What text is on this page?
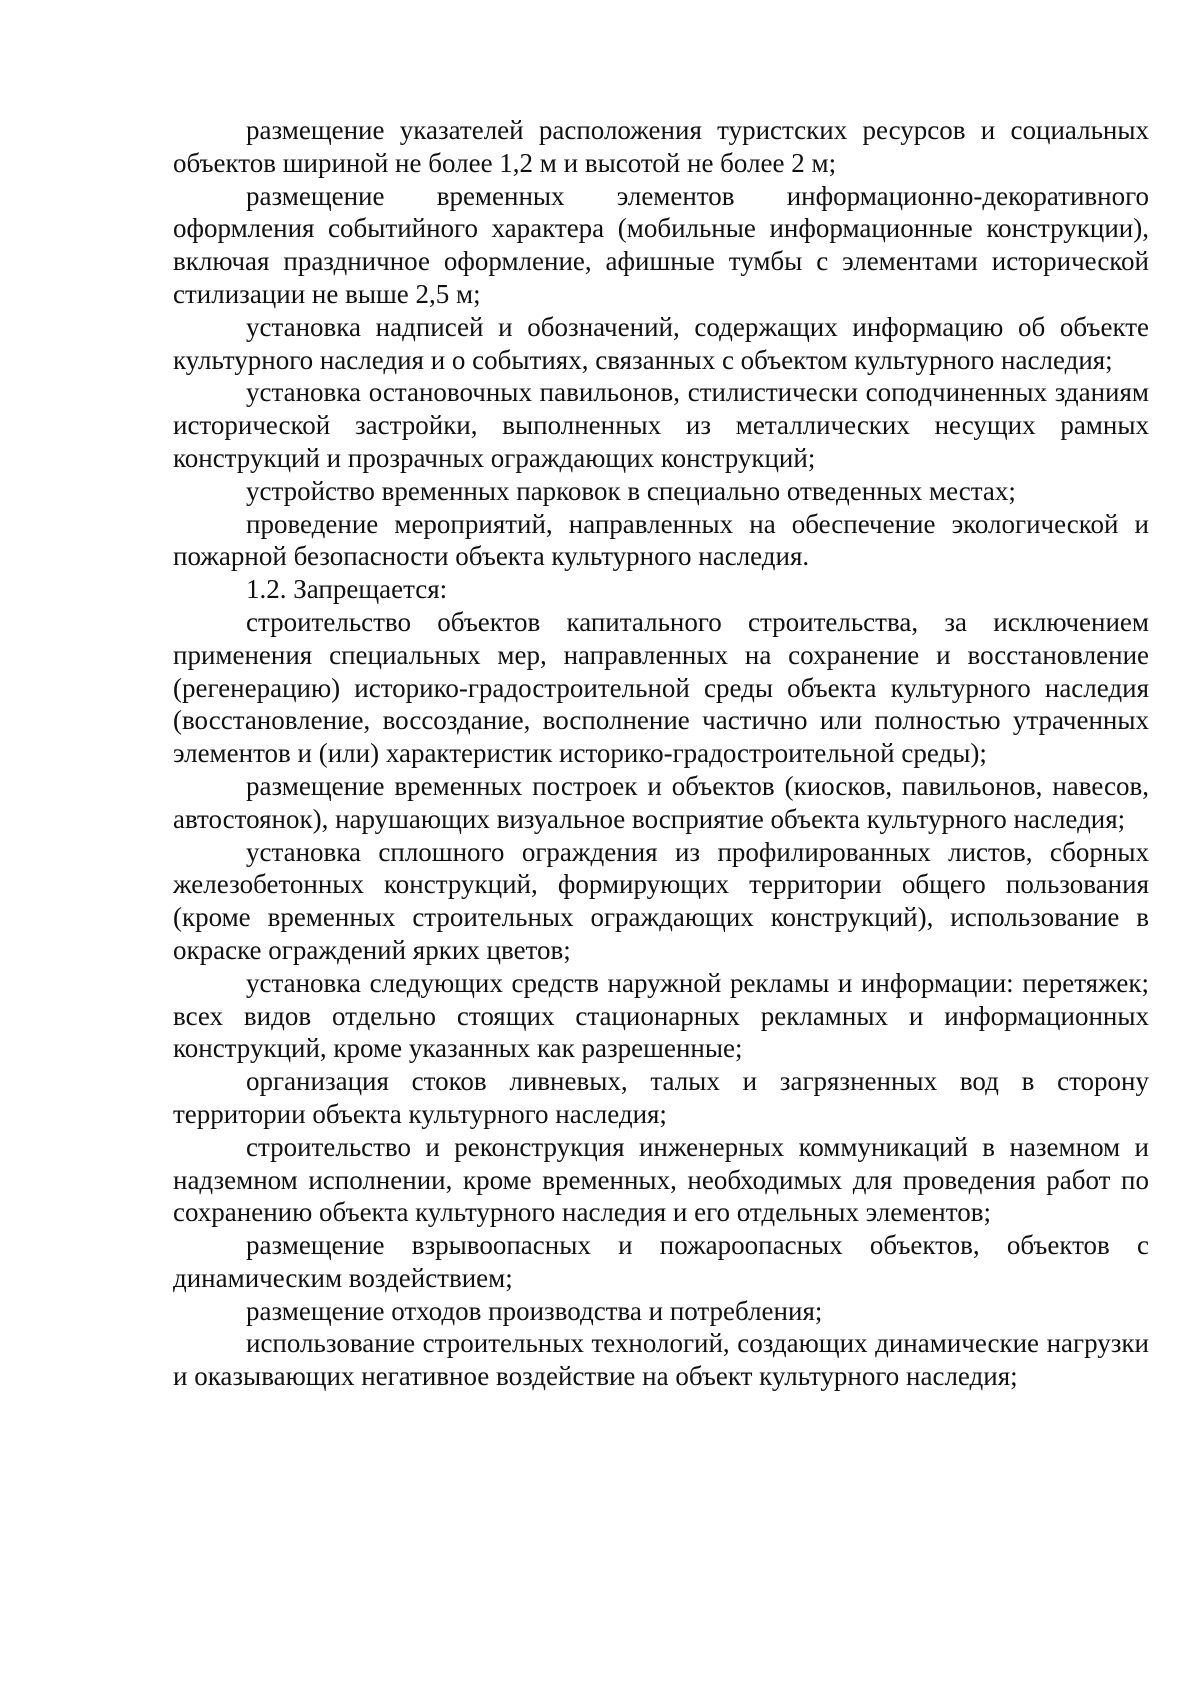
размещение указателей расположения туристских ресурсов и социальных объектов шириной не более 1,2 м и высотой не более 2 м;

размещение временных элементов информационно-декоративного оформления событийного характера (мобильные информационные конструкции), включая праздничное оформление, афишные тумбы с элементами исторической стилизации не выше 2,5 м;

установка надписей и обозначений, содержащих информацию об объекте культурного наследия и о событиях, связанных с объектом культурного наследия;

установка остановочных павильонов, стилистически соподчиненных зданиям исторической застройки, выполненных из металлических несущих рамных конструкций и прозрачных ограждающих конструкций;

устройство временных парковок в специально отведенных местах;

проведение мероприятий, направленных на обеспечение экологической и пожарной безопасности объекта культурного наследия.

1.2. Запрещается:

строительство объектов капитального строительства, за исключением применения специальных мер, направленных на сохранение и восстановление (регенерацию) историко-градостроительной среды объекта культурного наследия (восстановление, воссоздание, восполнение частично или полностью утраченных элементов и (или) характеристик историко-градостроительной среды);

размещение временных построек и объектов (киосков, павильонов, навесов, автостоянок), нарушающих визуальное восприятие объекта культурного наследия;

установка сплошного ограждения из профилированных листов, сборных железобетонных конструкций, формирующих территории общего пользования (кроме временных строительных ограждающих конструкций), использование в окраске ограждений ярких цветов;

установка следующих средств наружной рекламы и информации: перетяжек; всех видов отдельно стоящих стационарных рекламных и информационных конструкций, кроме указанных как разрешенные;

организация стоков ливневых, талых и загрязненных вод в сторону территории объекта культурного наследия;

строительство и реконструкция инженерных коммуникаций в наземном и надземном исполнении, кроме временных, необходимых для проведения работ по сохранению объекта культурного наследия и его отдельных элементов;

размещение взрывоопасных и пожароопасных объектов, объектов с динамическим воздействием;

размещение отходов производства и потребления;

использование строительных технологий, создающих динамические нагрузки и оказывающих негативное воздействие на объект культурного наследия;
